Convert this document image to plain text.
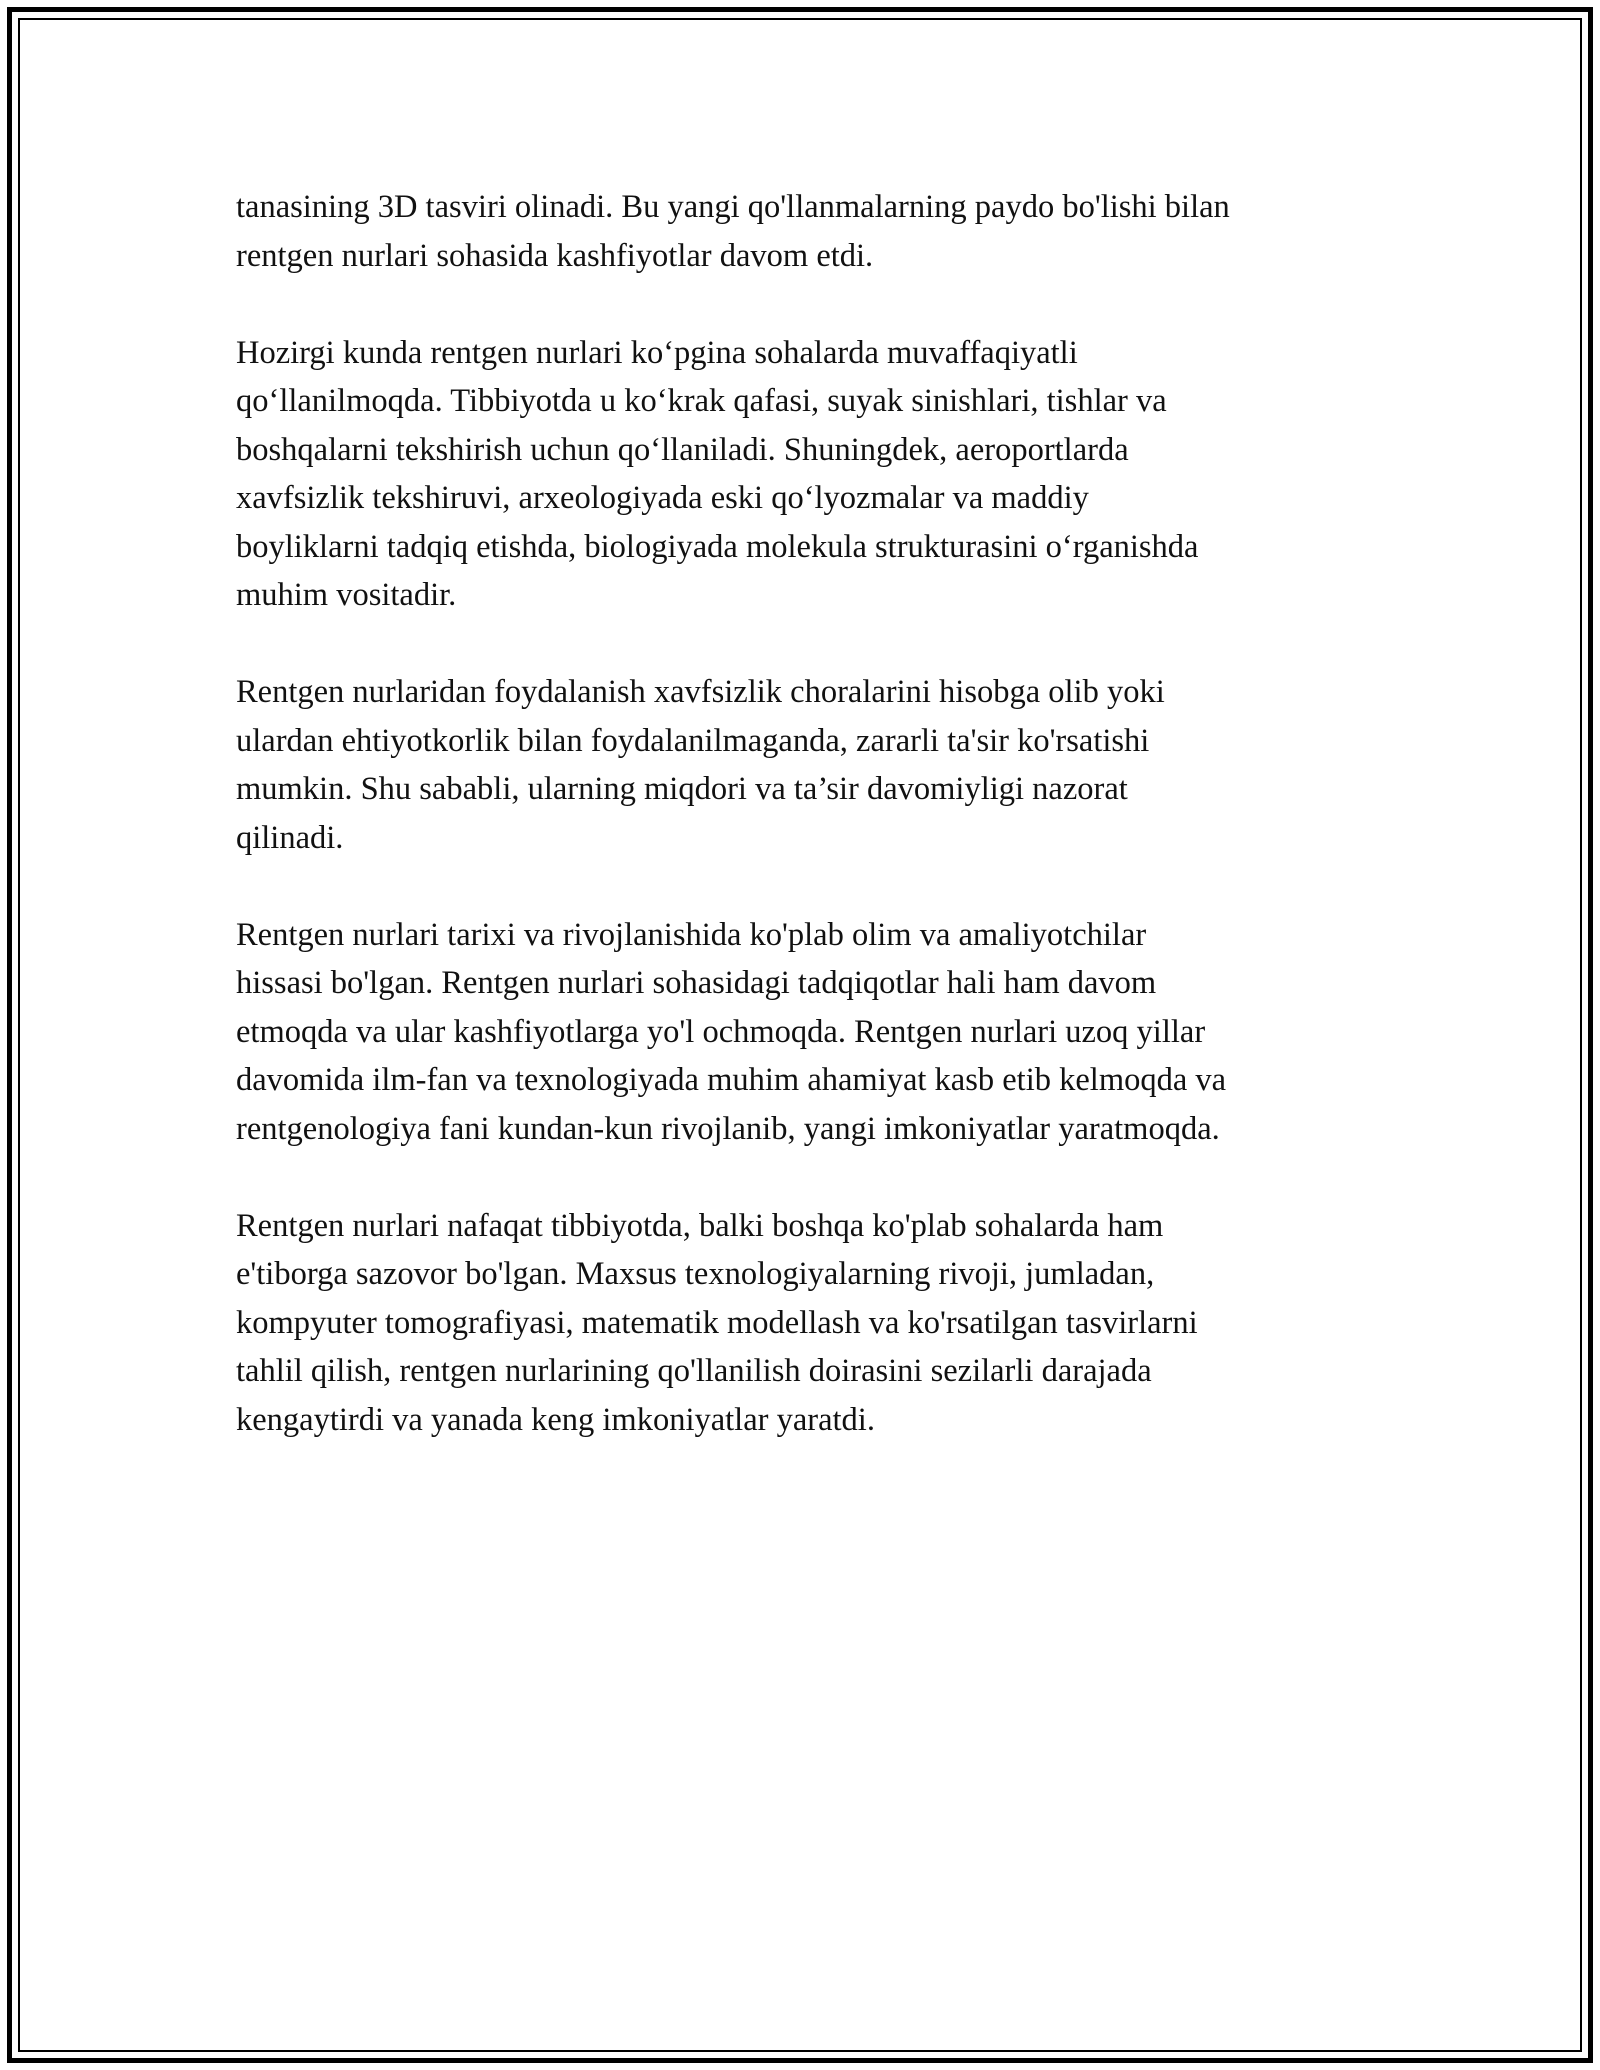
tanasining 3D tasviri olinadi. Bu yangi qo'llanmalarning paydo bo'lishi bilan
rentgen nurlari sohasida kashfiyotlar davom etdi.

Hozirgi kunda rentgen nurlari ko‘pgina sohalarda muvaffaqiyatli
qo‘llanilmoqda. Tibbiyotda u ko‘krak qafasi, suyak sinishlari, tishlar va
boshqalarni tekshirish uchun qo‘llaniladi. Shuningdek, aeroportlarda
xavfsizlik tekshiruvi, arxeologiyada eski qo‘lyozmalar va maddiy
boyliklarni tadqiq etishda, biologiyada molekula strukturasini o‘rganishda
muhim vositadir.

Rentgen nurlaridan foydalanish xavfsizlik choralarini hisobga olib yoki
ulardan ehtiyotkorlik bilan foydalanilmaganda, zararli ta'sir ko'rsatishi
mumkin. Shu sababli, ularning miqdori va ta’sir davomiyligi nazorat
qilinadi.

Rentgen nurlari tarixi va rivojlanishida ko'plab olim va amaliyotchilar
hissasi bo'lgan. Rentgen nurlari sohasidagi tadqiqotlar hali ham davom
etmoqda va ular kashfiyotlarga yo'l ochmoqda. Rentgen nurlari uzoq yillar
davomida ilm-fan va texnologiyada muhim ahamiyat kasb etib kelmoqda va
rentgenologiya fani kundan-kun rivojlanib, yangi imkoniyatlar yaratmoqda.

Rentgen nurlari nafaqat tibbiyotda, balki boshqa ko'plab sohalarda ham
e'tiborga sazovor bo'lgan. Maxsus texnologiyalarning rivoji, jumladan,
kompyuter tomografiyasi, matematik modellash va ko'rsatilgan tasvirlarni
tahlil qilish, rentgen nurlarining qo'llanilish doirasini sezilarli darajada
kengaytirdi va yanada keng imkoniyatlar yaratdi.
